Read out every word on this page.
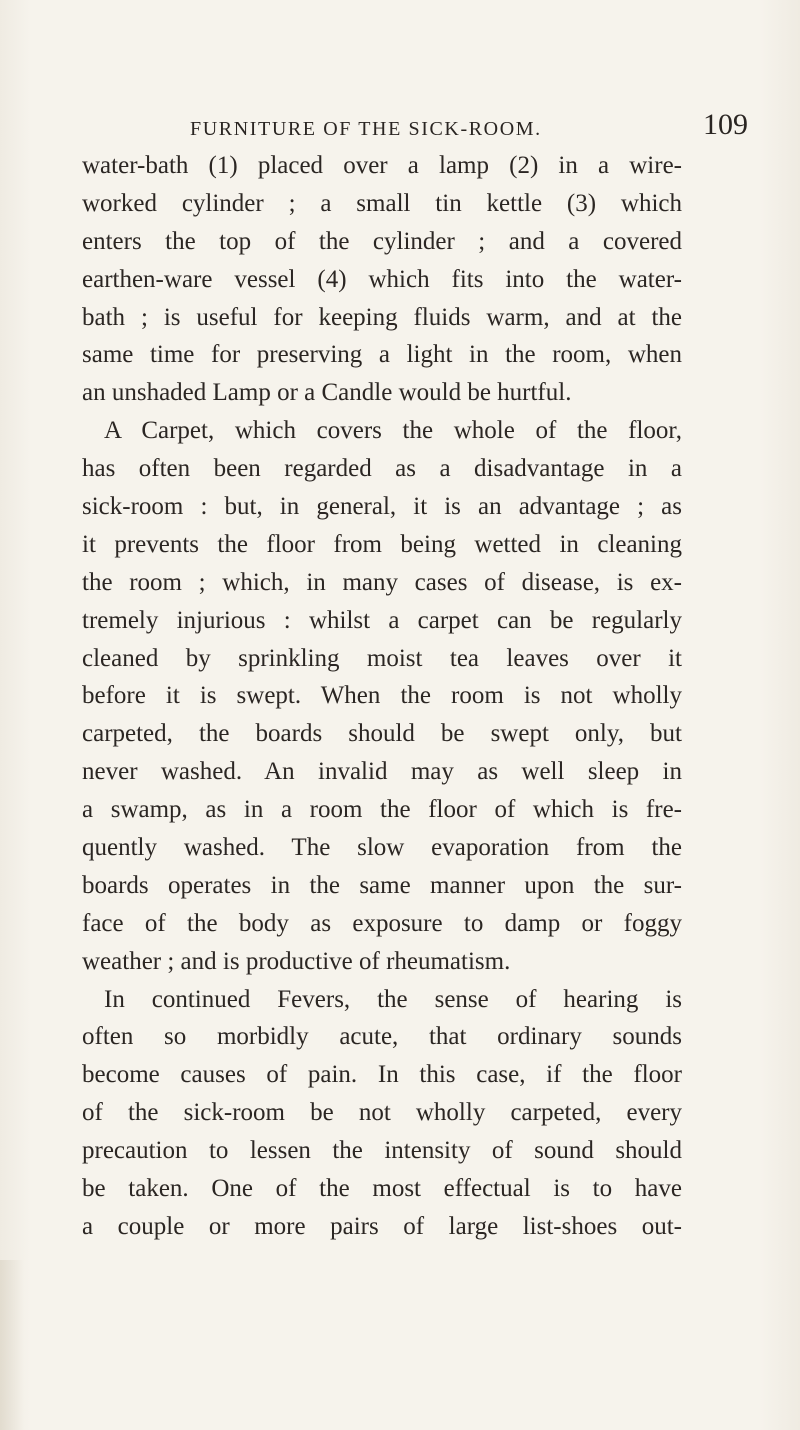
FURNITURE OF THE SICK-ROOM.	109
water-bath (1) placed over a lamp (2) in a wire-
worked cylinder ; a small tin kettle (3) which
enters the top of the cylinder ; and a covered
earthen-ware vessel (4) which fits into the water-
bath ; is useful for keeping fluids warm, and at the
same time for preserving a light in the room, when
an unshaded Lamp or a Candle would be hurtful.
A Carpet, which covers the whole of the floor,
has often been regarded as a disadvantage in a
sick-room : but, in general, it is an advantage ; as
it prevents the floor from being wetted in cleaning
the room ; which, in many cases of disease, is ex-
tremely injurious : whilst a carpet can be regularly
cleaned by sprinkling moist tea leaves over it
before it is swept. When the room is not wholly
carpeted, the boards should be swept only, but
never washed. An invalid may as well sleep in
a swamp, as in a room the floor of which is fre-
quently washed. The slow evaporation from the
boards operates in the same manner upon the sur-
face of the body as exposure to damp or foggy
weather ; and is productive of rheumatism.
In continued Fevers, the sense of hearing is
often so morbidly acute, that ordinary sounds
become causes of pain. In this case, if the floor
of the sick-room be not wholly carpeted, every
precaution to lessen the intensity of sound should
be taken. One of the most effectual is to have
a couple or more pairs of large list-shoes out-
